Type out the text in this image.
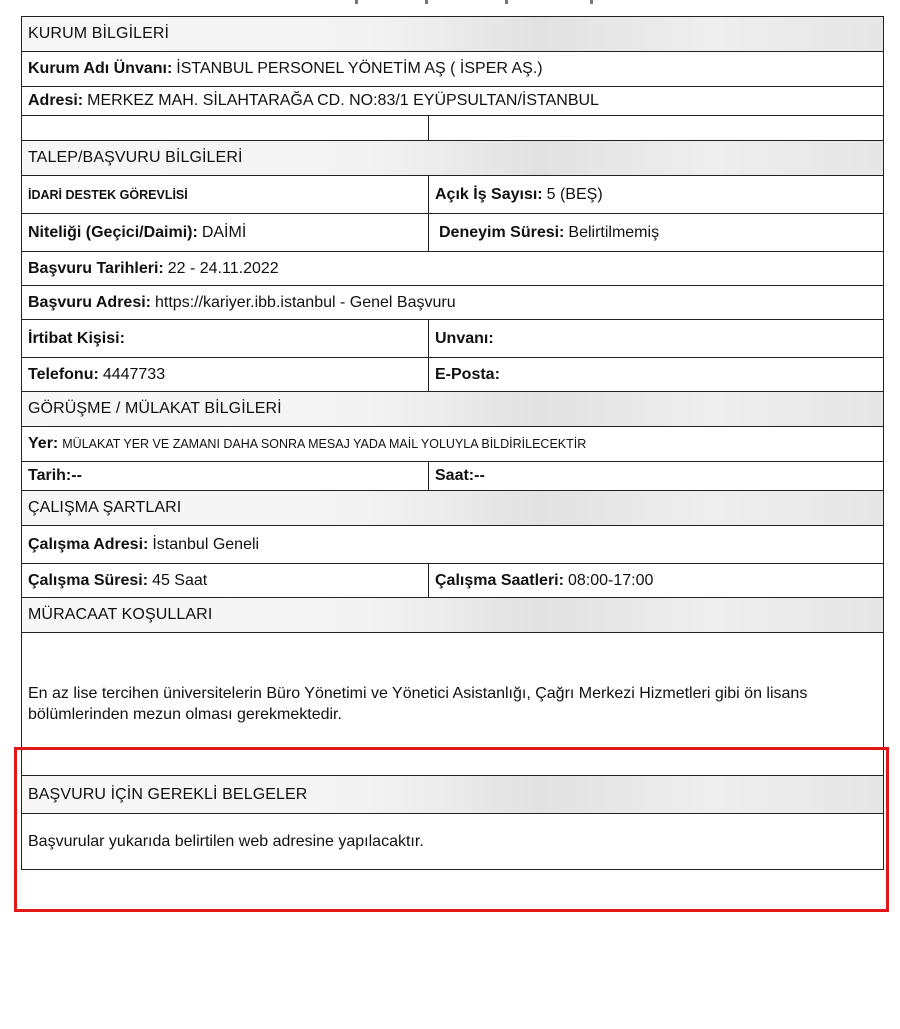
KURUM BİLGİLERİ
Kurum Adı Ünvanı: İSTANBUL PERSONEL YÖNETİM AŞ ( İSPER AŞ.)
Adresi: MERKEZ MAH. SİLAHTARAĞA CD. NO:83/1 EYÜPSULTAN/İSTANBUL
TALEP/BAŞVURU BİLGİLERİ
İDARİ DESTEK GÖREVLİSİ	Açık İş Sayısı: 5 (BEŞ)
Niteliği (Geçici/Daimi): DAİMİ	Deneyim Süresi: Belirtilmemiş
Başvuru Tarihleri: 22 - 24.11.2022
Başvuru Adresi: https://kariyer.ibb.istanbul - Genel Başvuru
İrtibat Kişisi:	Unvanı:
Telefonu: 4447733	E-Posta:
GÖRÜŞME / MÜLAKAT BİLGİLERİ
Yer: MÜLAKAT YER VE ZAMANI DAHA SONRA MESAJ YADA MAİL YOLUYLA BİLDİRİLECEKTİR
Tarih:--	Saat:--
ÇALIŞMA ŞARTLARI
Çalışma Adresi: İstanbul Geneli
Çalışma Süresi: 45 Saat	Çalışma Saatleri: 08:00-17:00
MÜRACAAT KOŞULLARI
En az lise tercihen üniversitelerin Büro Yönetimi ve Yönetici Asistanlığı, Çağrı Merkezi Hizmetleri gibi ön lisans bölümlerinden mezun olması gerekmektedir.
BAŞVURU İÇİN GEREKLİ BELGELER
Başvurular yukarıda belirtilen web adresine yapılacaktır.
